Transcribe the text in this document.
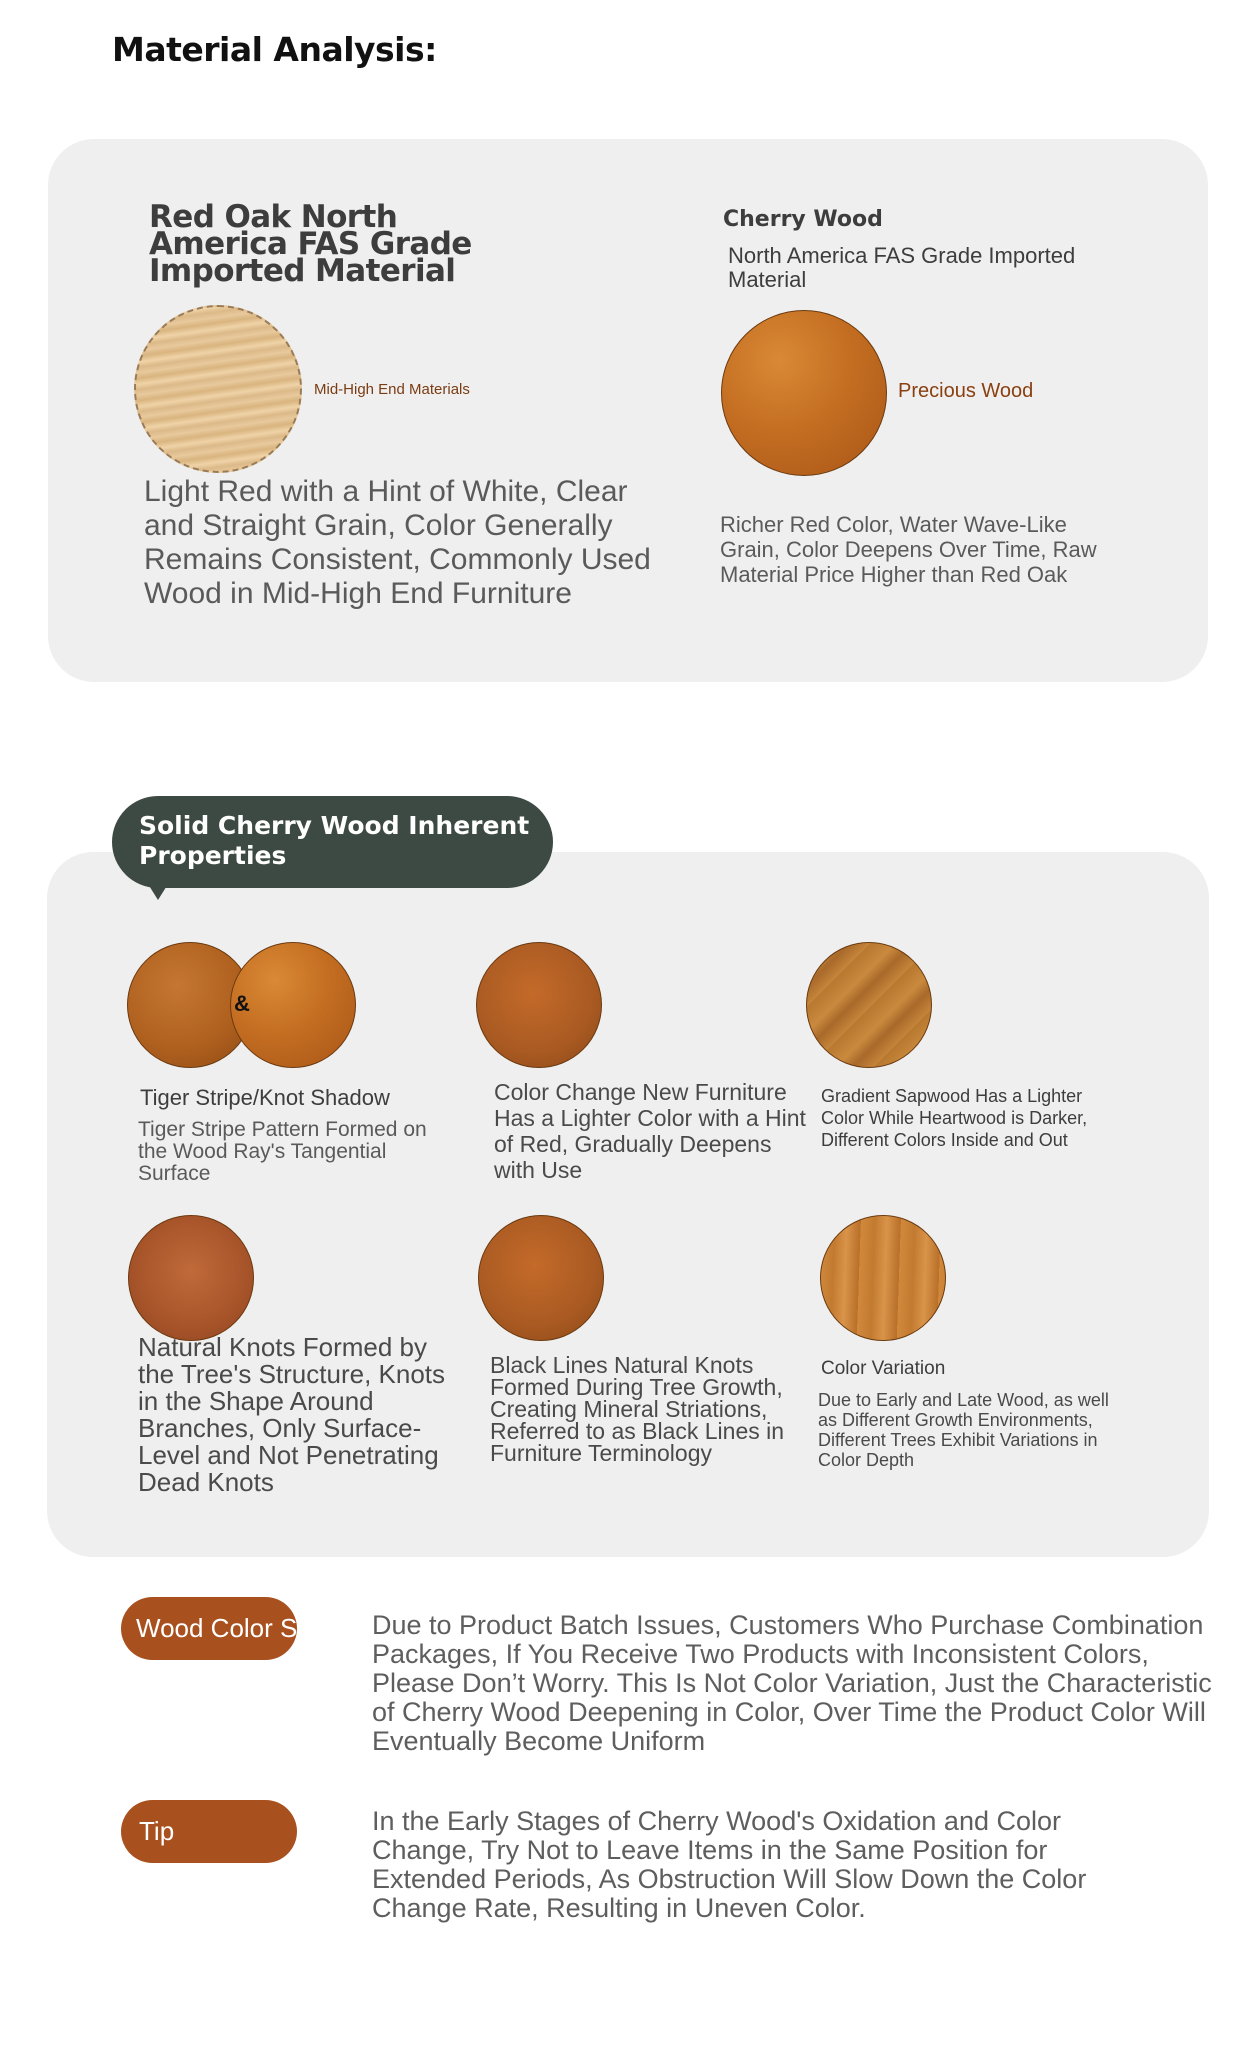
Material Analysis:
Red Oak North America FAS Grade Imported Material
Mid-High End Materials
Light Red with a Hint of White, Clear and Straight Grain, Color Generally Remains Consistent, Commonly Used Wood in Mid-High End Furniture
Cherry Wood
North America FAS Grade Imported Material
Precious Wood
Richer Red Color, Water Wave-Like Grain, Color Deepens Over Time, Raw Material Price Higher than Red Oak
Solid Cherry Wood Inherent Properties
&
Tiger Stripe/Knot Shadow
Tiger Stripe Pattern Formed on the Wood Ray's Tangential Surface
Color Change New Furniture Has a Lighter Color with a Hint of Red, Gradually Deepens with Use
Gradient Sapwood Has a Lighter Color While Heartwood is Darker, Different Colors Inside and Out
Natural Knots Formed by the Tree's Structure, Knots in the Shape Around Branches, Only Surface-Level and Not Penetrating Dead Knots
Black Lines Natural Knots Formed During Tree Growth, Creating Mineral Striations, Referred to as Black Lines in Furniture Terminology
Color Variation
Due to Early and Late Wood, as well as Different Growth Environments, Different Trees Exhibit Variations in Color Depth
Wood Color Statement
Due to Product Batch Issues, Customers Who Purchase Combination Packages, If You Receive Two Products with Inconsistent Colors, Please Don’t Worry. This Is Not Color Variation, Just the Characteristic of Cherry Wood Deepening in Color, Over Time the Product Color Will Eventually Become Uniform
Tip	In the Early Stages of Cherry Wood's Oxidation and Color Change, Try Not to Leave Items in the Same Position for Extended Periods, As Obstruction Will Slow Down the Color Change Rate, Resulting in Uneven Color.
